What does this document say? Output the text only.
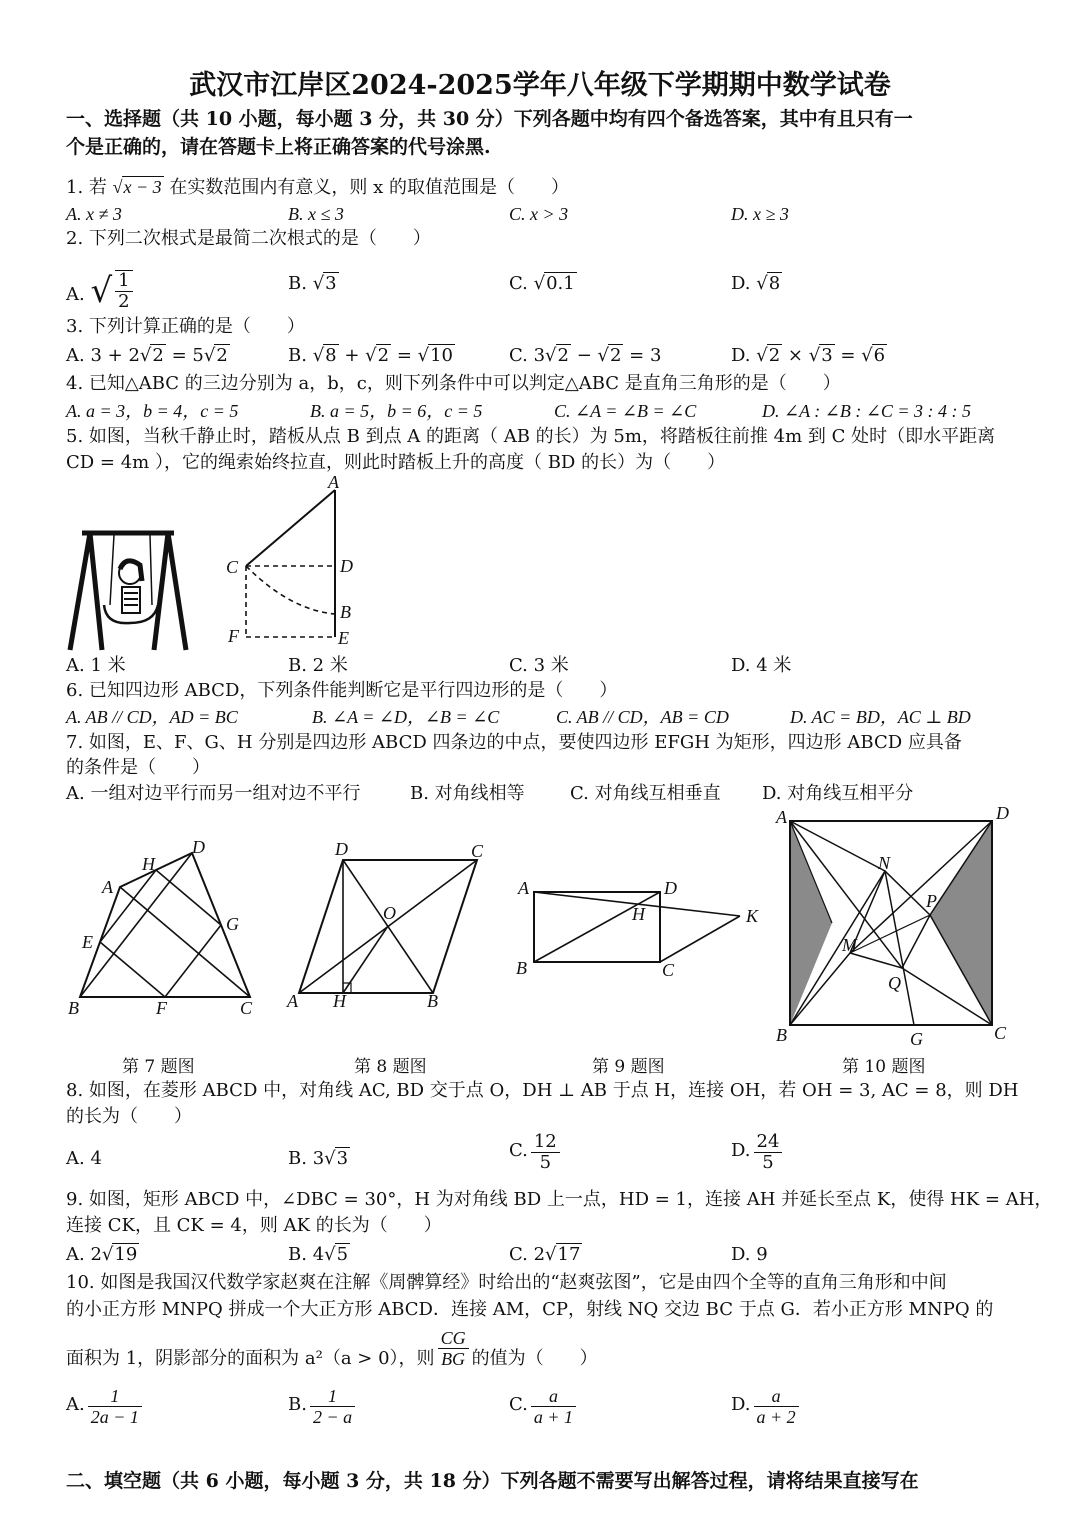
武汉市江岸区2024-2025学年八年级下学期期中数学试卷
一、选择题（共 10 小题，每小题 3 分，共 30 分）下列各题中均有四个备选答案，其中有且只有一
个是正确的，请在答题卡上将正确答案的代号涂黑.
1. 若 √x − 3 在实数范围内有意义，则 x 的取值范围是（　　）
A. x ≠ 3	B. x ≤ 3	C. x > 3	D. x ≥ 3
2. 下列二次根式是最简二次根式的是（　　）
A. √ $\frac{1}{2}$	B. √3	C. √0.1	D. √8
3. 下列计算正确的是（　　）
A. 3 + 2√2 = 5√2	B. √8 + √2 = √10	C. 3√2 − √2 = 3	D. √2 × √3 = √6
4. 已知△ABC 的三边分别为 a，b，c，则下列条件中可以判定△ABC 是直角三角形的是（　　）
A. a = 3，b = 4，c = 5	B. a = 5，b = 6，c = 5	C. ∠A = ∠B = ∠C	D. ∠A : ∠B : ∠C = 3 : 4 : 5
5. 如图，当秋千静止时，踏板从点 B 到点 A 的距离（ AB 的长）为 5m，将踏板往前推 4m 到 C 处时（即水平距离
CD = 4m ），它的绳索始终拉直，则此时踏板上升的高度（ BD 的长）为（　　）
A
C	D
B
F	E
A. 1 米	B. 2 米	C. 3 米	D. 4 米
6. 已知四边形 ABCD，下列条件能判断它是平行四边形的是（　　）
A. AB // CD，AD = BC	B. ∠A = ∠D，∠B = ∠C	C. AB // CD，AB = CD	D. AC = BD，AC ⊥ BD
7. 如图，E、F、G、H 分别是四边形 ABCD 四条边的中点，要使四边形 EFGH 为矩形，四边形 ABCD 应具备
的条件是（　　）
A. 一组对边平行而另一组对边不平行	B. 对角线相等	C. 对角线互相垂直 D. 对角线互相平分
D
H
A
E
G
B	F	C
D	C
O
A H	B
A	D
H	K
B	C
A	D
N
P
M
Q
B	G	C
第 7 题图	第 8 题图	第 9 题图	第 10 题图
8. 如图，在菱形 ABCD 中，对角线 AC, BD 交于点 O，DH ⊥ AB 于点 H，连接 OH，若 OH = 3, AC = 8，则 DH
的长为（　　）
A. 4	B. 3√3	C. $\frac{12}{5}$	D. $\frac{24}{5}$
9. 如图，矩形 ABCD 中，∠DBC = 30°，H 为对角线 BD 上一点，HD = 1，连接 AH 并延长至点 K，使得 HK = AH，
连接 CK，且 CK = 4，则 AK 的长为（　　）
A. 2√19	B. 4√5	C. 2√17	D. 9
10. 如图是我国汉代数学家赵爽在注解《周髀算经》时给出的“赵爽弦图”，它是由四个全等的直角三角形和中间
的小正方形 MNPQ 拼成一个大正方形 ABCD．连接 AM，CP，射线 NQ 交边 BC 于点 G．若小正方形 MNPQ 的
面积为 1，阴影部分的面积为 a²（a > 0），则 $\frac{CG}{BG}$ 的值为（　　）
A. $\frac{1}{2a - 1}$	B. $\frac{1}{2 - a}$	C. $\frac{a}{a + 1}$	D. $\frac{a}{a + 2}$
二、填空题（共 6 小题，每小题 3 分，共 18 分）下列各题不需要写出解答过程，请将结果直接写在
